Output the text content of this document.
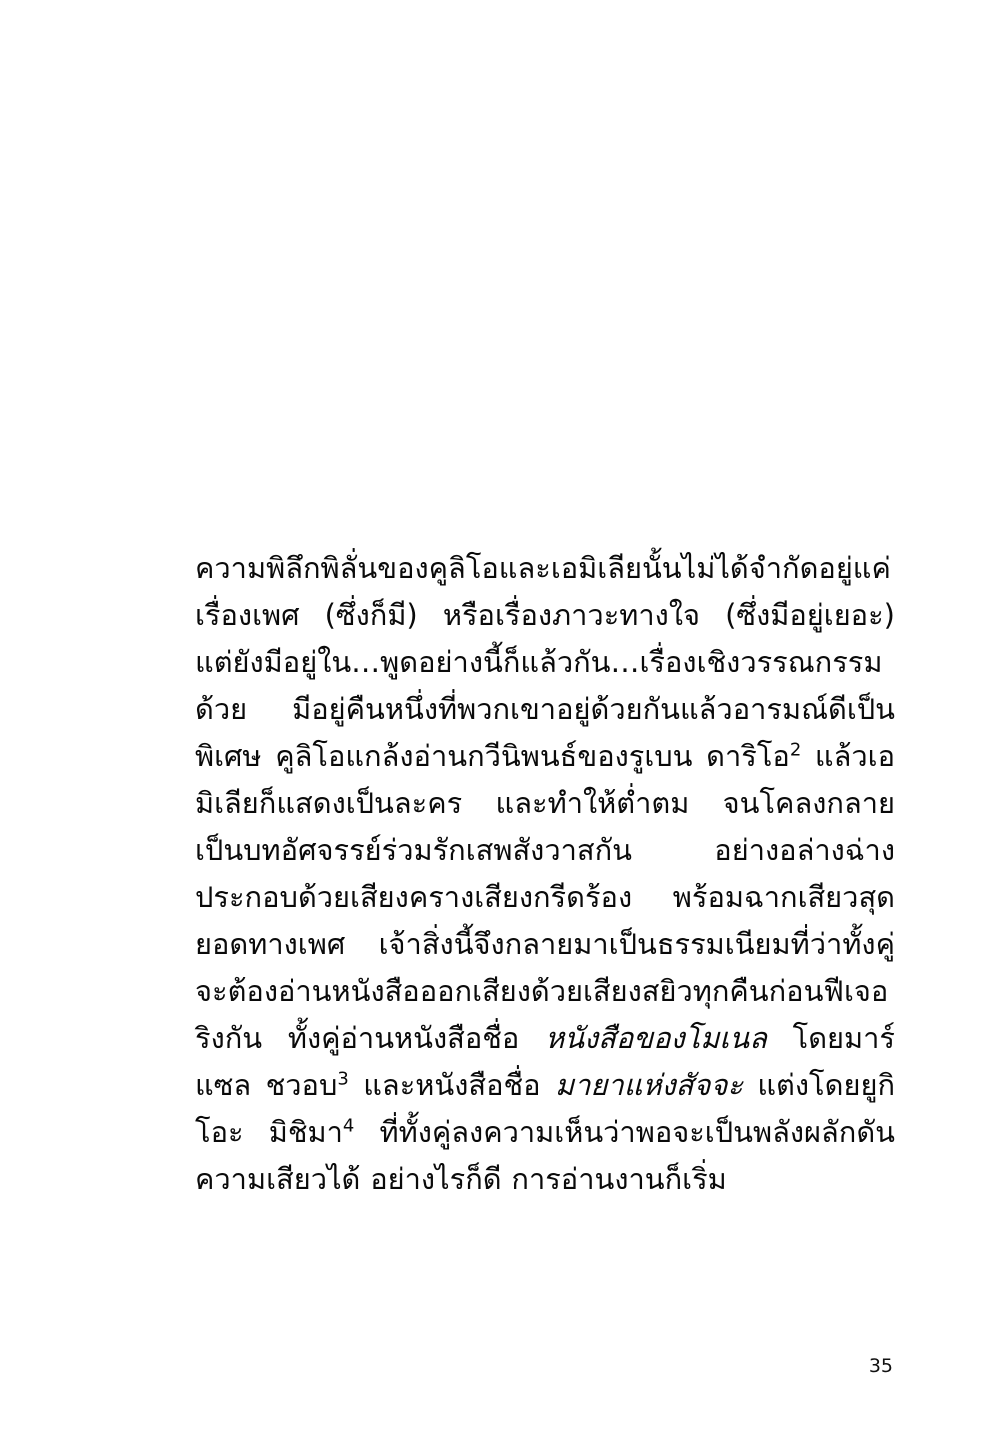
ความพิลึกพิลั่นของคูลิโอและเอมิเลียนั้นไม่ได้จำกัดอยู่แค่เรื่องเพศ (ซึ่งก็มี) หรือเรื่องภาวะทางใจ (ซึ่งมีอยู่เยอะ) แต่ยังมีอยู่ใน…พูดอย่างนี้ก็แล้วกัน…เรื่องเชิงวรรณกรรมด้วย มีอยู่คืนหนึ่งที่พวกเขาอยู่ด้วยกันแล้วอารมณ์ดีเป็นพิเศษ คูลิโอแกล้งอ่านกวีนิพนธ์ของรูเบน ดาริโอ$^2$ แล้วเอมิเลียก็แสดงเป็นละคร และทำให้ต่ำตม จนโคลงกลายเป็นบทอัศจรรย์ร่วมรักเสพสังวาสกัน อย่างอล่างฉ่าง ประกอบด้วยเสียงครางเสียงกรีดร้อง พร้อมฉากเสียวสุดยอดทางเพศ เจ้าสิ่งนี้จึงกลายมาเป็นธรรมเนียมที่ว่าทั้งคู่จะต้องอ่านหนังสือออกเสียงด้วยเสียงสยิวทุกคืนก่อนฟีเจอริงกัน ทั้งคู่อ่านหนังสือชื่อ หนังสือของโมเนล โดยมาร์แซล ชวอบ$^3$ และหนังสือชื่อ มายาแห่งสัจจะ แต่งโดยยูกิโอะ มิชิมา$^4$ ที่ทั้งคู่ลงความเห็นว่าพอจะเป็นพลังผลักดันความเสียวได้ อย่างไรก็ดี การอ่านงานก็เริ่ม

35
